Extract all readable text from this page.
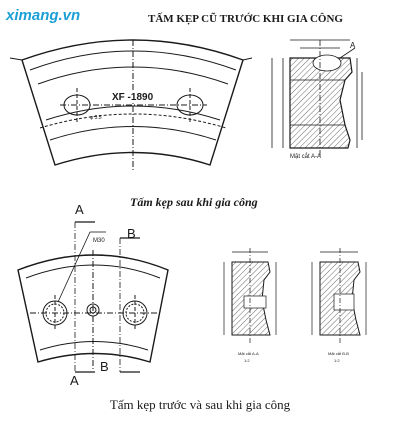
ximang.vn	TẤM KẸP CŨ TRƯỚC KHI GIA CÔNG
XF -1890
φ 3.5
A
Mặt cắt A-A
Tấm kẹp sau khi gia công
A
B
M30
A
B
Mặt cắt A-A
1:2
Mặt cắt B-B
1:2
Tấm kẹp trước và sau khi gia công
